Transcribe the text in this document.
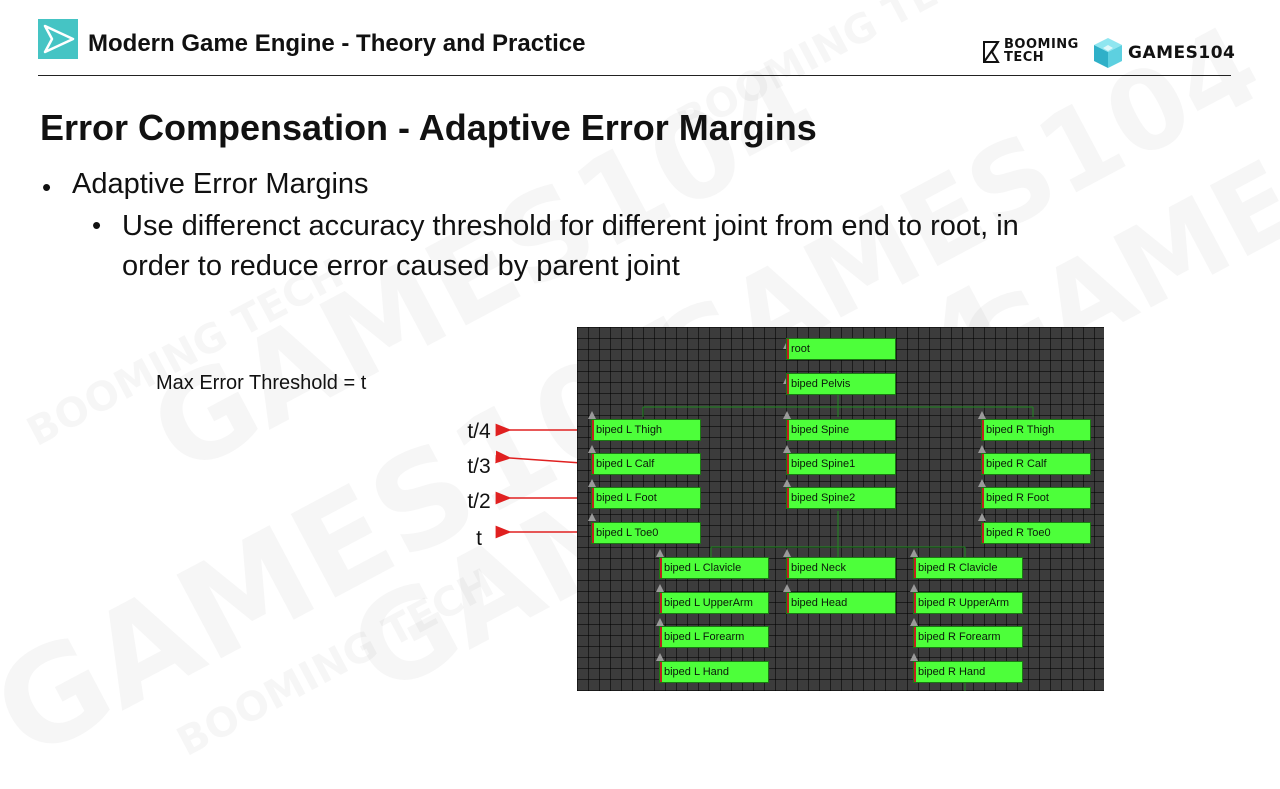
Modern Game Engine - Theory and Practice	BOOMING
TECH	GAMES104
Error Compensation - Adaptive Error Margins
• Adaptive Error Margins
• Use differenct accuracy threshold for different joint from end to root, in order to reduce error caused by parent joint
Max Error Threshold = t
t/4
t/3
t/2
t
root
biped Pelvis
biped L Thigh
biped L Calf
biped L Foot
biped L Toe0
biped Spine
biped Spine1
biped Spine2
biped R Thigh
biped R Calf
biped R Foot
biped R Toe0
biped L Clavicle
biped L UpperArm
biped L Forearm
biped L Hand
biped Neck
biped Head
biped R Clavicle
biped R UpperArm
biped R Forearm
biped R Hand
